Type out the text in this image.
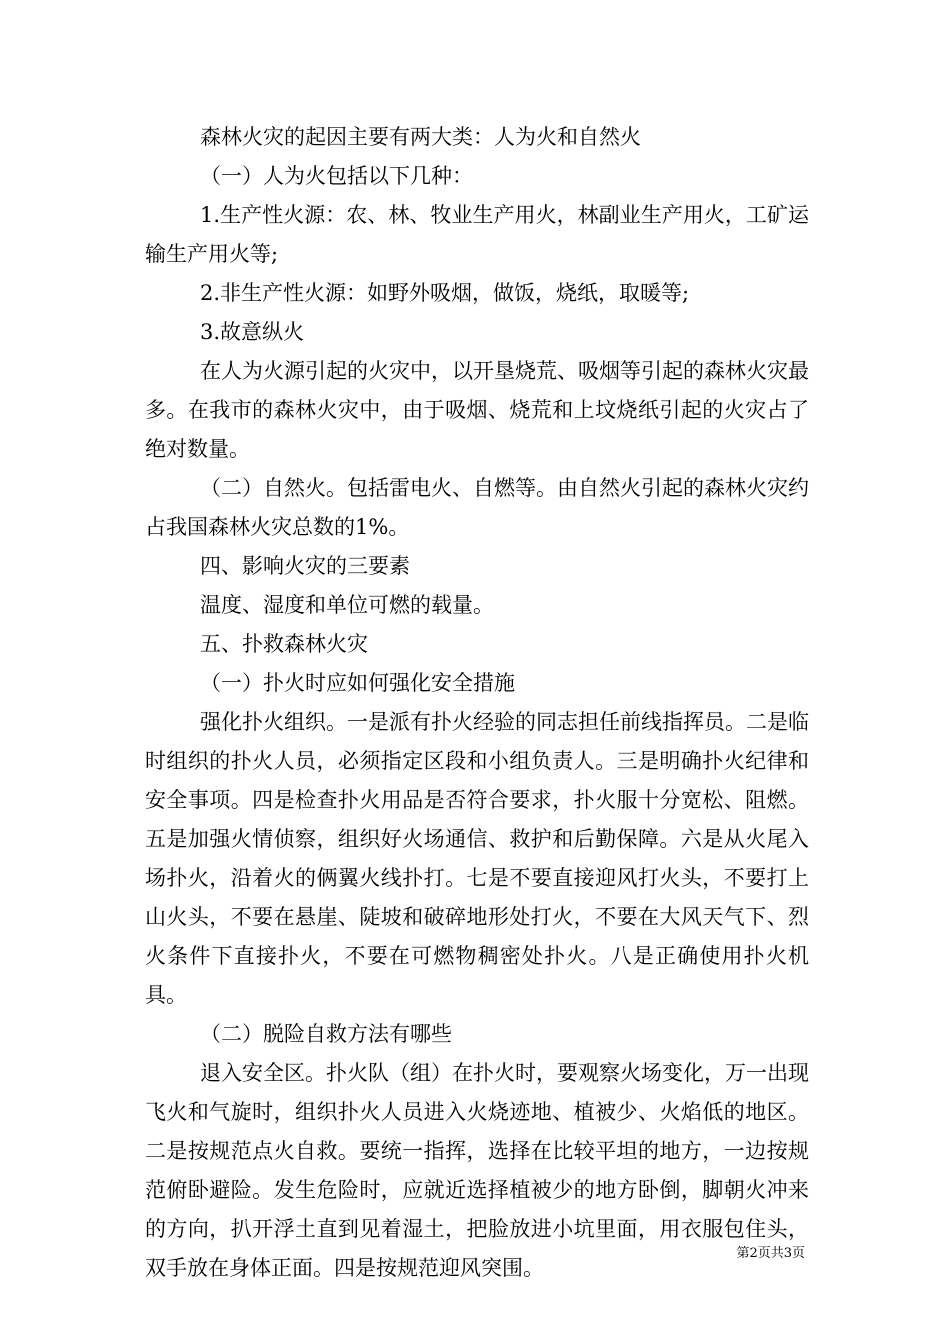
森林火灾的起因主要有两大类：人为火和自然火

（一）人为火包括以下几种：

1.生产性火源：农、林、牧业生产用火，林副业生产用火，工矿运输生产用火等;

2.非生产性火源：如野外吸烟，做饭，烧纸，取暖等;

3.故意纵火

在人为火源引起的火灾中，以开垦烧荒、吸烟等引起的森林火灾最多。在我市的森林火灾中，由于吸烟、烧荒和上坟烧纸引起的火灾占了绝对数量。

（二）自然火。包括雷电火、自燃等。由自然火引起的森林火灾约占我国森林火灾总数的1%。

四、影响火灾的三要素

温度、湿度和单位可燃的载量。

五、扑救森林火灾

（一）扑火时应如何强化安全措施

强化扑火组织。一是派有扑火经验的同志担任前线指挥员。二是临时组织的扑火人员，必须指定区段和小组负责人。三是明确扑火纪律和安全事项。四是检查扑火用品是否符合要求，扑火服十分宽松、阻燃。五是加强火情侦察，组织好火场通信、救护和后勤保障。六是从火尾入场扑火，沿着火的俩翼火线扑打。七是不要直接迎风打火头，不要打上山火头，不要在悬崖、陡坡和破碎地形处打火，不要在大风天气下、烈火条件下直接扑火，不要在可燃物稠密处扑火。八是正确使用扑火机具。

（二）脱险自救方法有哪些

退入安全区。扑火队（组）在扑火时，要观察火场变化，万一出现飞火和气旋时，组织扑火人员进入火烧迹地、植被少、火焰低的地区。二是按规范点火自救。要统一指挥，选择在比较平坦的地方，一边按规范俯卧避险。发生危险时，应就近选择植被少的地方卧倒，脚朝火冲来的方向，扒开浮土直到见着湿土，把脸放进小坑里面，用衣服包住头，双手放在身体正面。四是按规范迎风突围。

第2页共3页
